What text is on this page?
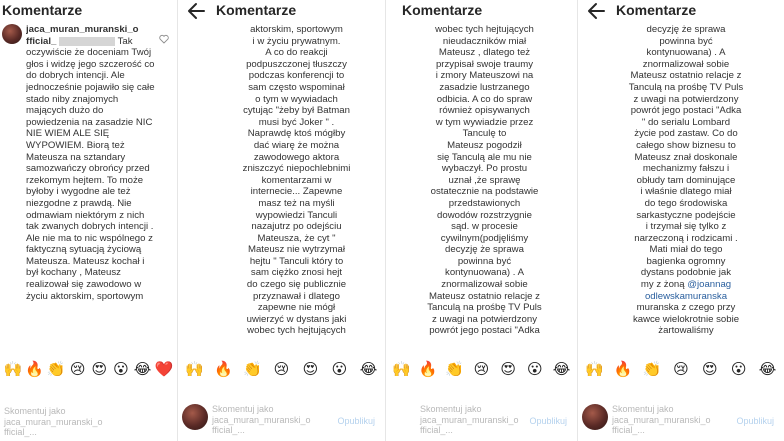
Komentarze
jaca_muran_muranski_o fficial_	Tak oczywiście że doceniam Twój głos i widzę jego szczerość co do dobrych intencji. Ale jednocześnie pojawiło się całe stado niby znajomych mających dużo do powiedzenia na zasadzie NIC NIE WIEM ALE SIĘ WYPOWIEM. Biorą też Mateusza na sztandary samozwańczy obrońcy przed rzekomym hejtem. To może byłoby i wygodne ale też niezgodne z prawdą. Nie odmawiam niektórym z nich tak zwanych dobrych intencji . Ale nie ma to nic wspólnego z faktyczną sytuacją życiową Mateusza. Mateusz kochał i był kochany , Mateusz realizował się zawodowo w życiu aktorskim, sportowym
🙌 🔥 👏 😢 😍 😮 😂 ❤️
Skomentuj jako
jaca_muran_muranski_o
fficial_...
Komentarze
aktorskim, sportowym
i w życiu prywatnym.
A co do reakcji
podpuszczonej tłuszczy
podczas konferencji to
sam często wspominał
o tym w wywiadach
cytując "żeby był Batman
musi być Joker " .
Naprawdę ktoś mógłby
dać wiarę że można
zawodowego aktora
zniszczyć niepochlebnimi
komentarzami w
internecie... Zapewne
masz też na myśli
wypowiedzi Tanculi
nazajutrz po odejściu
Mateusza, że cyt "
Mateusz nie wytrzymał
hejtu " Tanculi który to
sam ciężko znosi hejt
do czego się publicznie
przyznawał i dlatego
zapewne nie mógł
uwierzyć w dystans jaki
wobec tych hejtujących
🙌 🔥 👏 😢 😍 😮 😂
Skomentuj jako
jaca_muran_muranski_o
fficial_...
Opublikuj
Komentarze
wobec tych hejtujących
nieudaczników miał
Mateusz , dlatego też
przypisał swoje traumy
i zmory Mateuszowi na
zasadzie lustrzanego
odbicia. A co do spraw
również opisywanych
w tym wywiadzie przez
Tanculę to
Mateusz pogodził
się Tanculą ale mu nie
wybaczył. Po prostu
uznał ,że sprawę
ostatecznie na podstawie
przedstawionych
dowodów rozstrzygnie
sąd. w procesie
cywilnym(podjęliśmy
decyzję że sprawa
powinna być
kontynuowana) . A
znormalizował sobie
Mateusz ostatnio relacje z
Tanculą na prośbę TV Puls
z uwagi na potwierdzony
powrót jego postaci "Adka
🙌 🔥 👏 😢 😍 😮 😂
Skomentuj jako
jaca_muran_muranski_o
fficial_...
Opublikuj
Komentarze
decyzję że sprawa
powinna być
kontynuowana) . A
znormalizował sobie
Mateusz ostatnio relacje z
Tanculą na prośbę TV Puls
z uwagi na potwierdzony
powrót jego postaci "Adka
" do serialu Lombard
życie pod zastaw. Co do
całego show biznesu to
Mateusz znał doskonale
mechanizmy fałszu i
obłudy tam dominujące
i właśnie dlatego miał
do tego środowiska
sarkastyczne podejście
i trzymał się tylko z
narzeczoną i rodzicami .
Mati miał do tego
bagienka ogromny
dystans podobnie jak
my z żoną @joannag
odlewskamuranska
muranska z czego przy
kawce wielokrotnie sobie
żartowaliśmy
🙌 🔥 👏 😢 😍 😮 😂
Skomentuj jako
jaca_muran_muranski_o
fficial_...
Opublikuj
